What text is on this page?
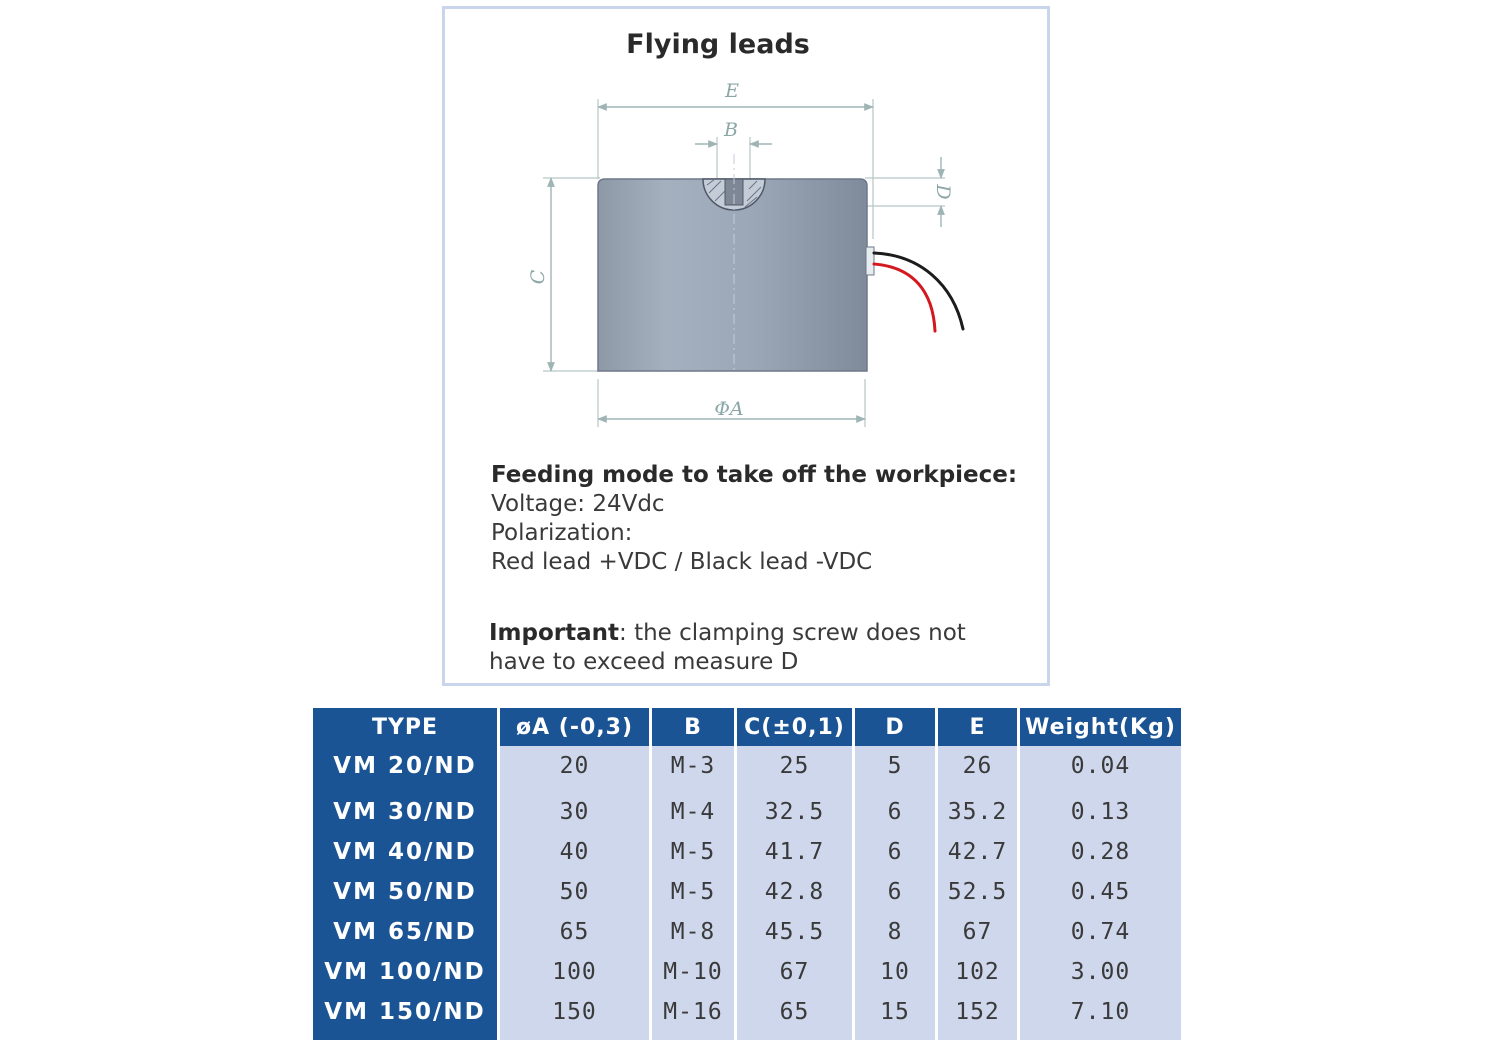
Flying leads
E
B
D
C
ΦA
Feeding mode to take off the workpiece:
Voltage: 24Vdc
Polarization:
Red lead +VDC / Black lead -VDC
Important: the clamping screw does not have to exceed measure D
TYPE	øA (-0,3)	B	C(±0,1)	D	E	Weight(Kg)
VM 20/ND	20	M-3	25	5	26	0.04
VM 30/ND	30	M-4	32.5	6	35.2	0.13
VM 40/ND	40	M-5	41.7	6	42.7	0.28
VM 50/ND	50	M-5	42.8	6	52.5	0.45
VM 65/ND	65	M-8	45.5	8	67	0.74
VM 100/ND	100	M-10	67	10	102	3.00
VM 150/ND	150	M-16	65	15	152	7.10
